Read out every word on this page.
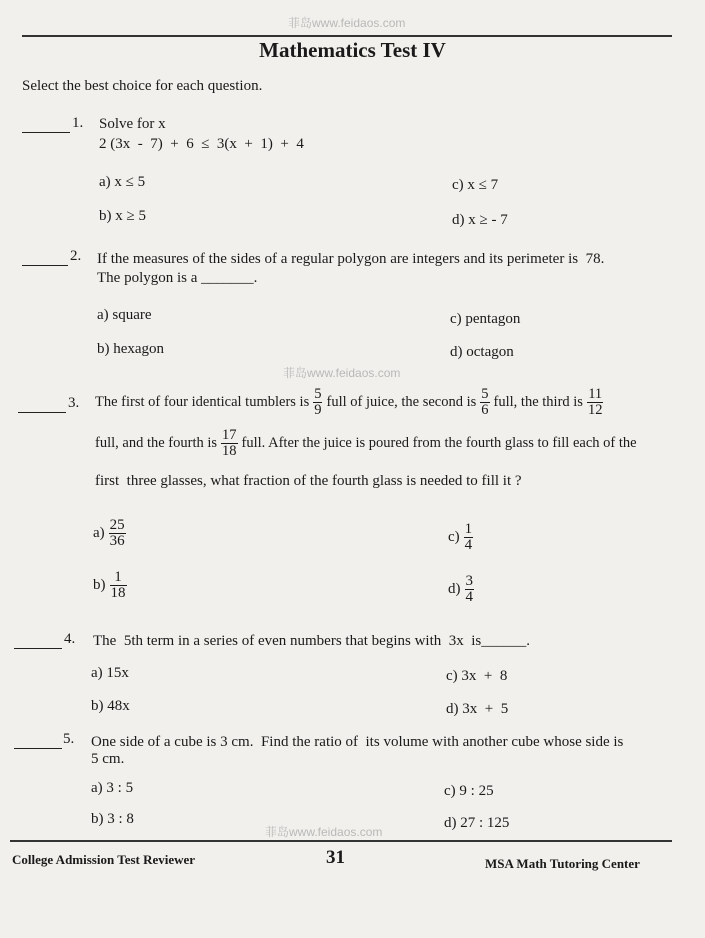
菲岛www.feidaos.com
菲岛www.feidaos.com
菲岛www.feidaos.com
Mathematics Test IV
Select the best choice for each question.
1. Solve for x
2 (3x  -  7)  +  6  ≤  3(x  +  1)  +  4
a) x ≤ 5	c) x ≤ 7
b) x ≥ 5	d) x ≥ - 7
2. If the measures of the sides of a regular polygon are integers and its perimeter is  78.
The polygon is a _______.
a) square	c) pentagon
b) hexagon	d) octagon
3. The first of four identical tumblers is $\frac{5}{9}$ full of juice, the second is $\frac{5}{6}$ full, the third is $\frac{11}{12}$
full, and the fourth is $\frac{17}{18}$ full. After the juice is poured from the fourth glass to fill each of the
first  three glasses, what fraction of the fourth glass is needed to fill it ?
$a) \frac{25}{36}$	$c) \frac{1}{4}$
$b) \frac{1}{18}$	$d) \frac{3}{4}$
4. The  5th term in a series of even numbers that begins with  3x  is______.
a) 15x	c) 3x  +  8
b) 48x	d) 3x  +  5
5. One side of a cube is 3 cm.  Find the ratio of  its volume with another cube whose side is
5 cm.
a) 3 : 5	c) 9 : 25
b) 3 : 8	d) 27 : 125
College Admission Test Reviewer	31	MSA Math Tutoring Center
